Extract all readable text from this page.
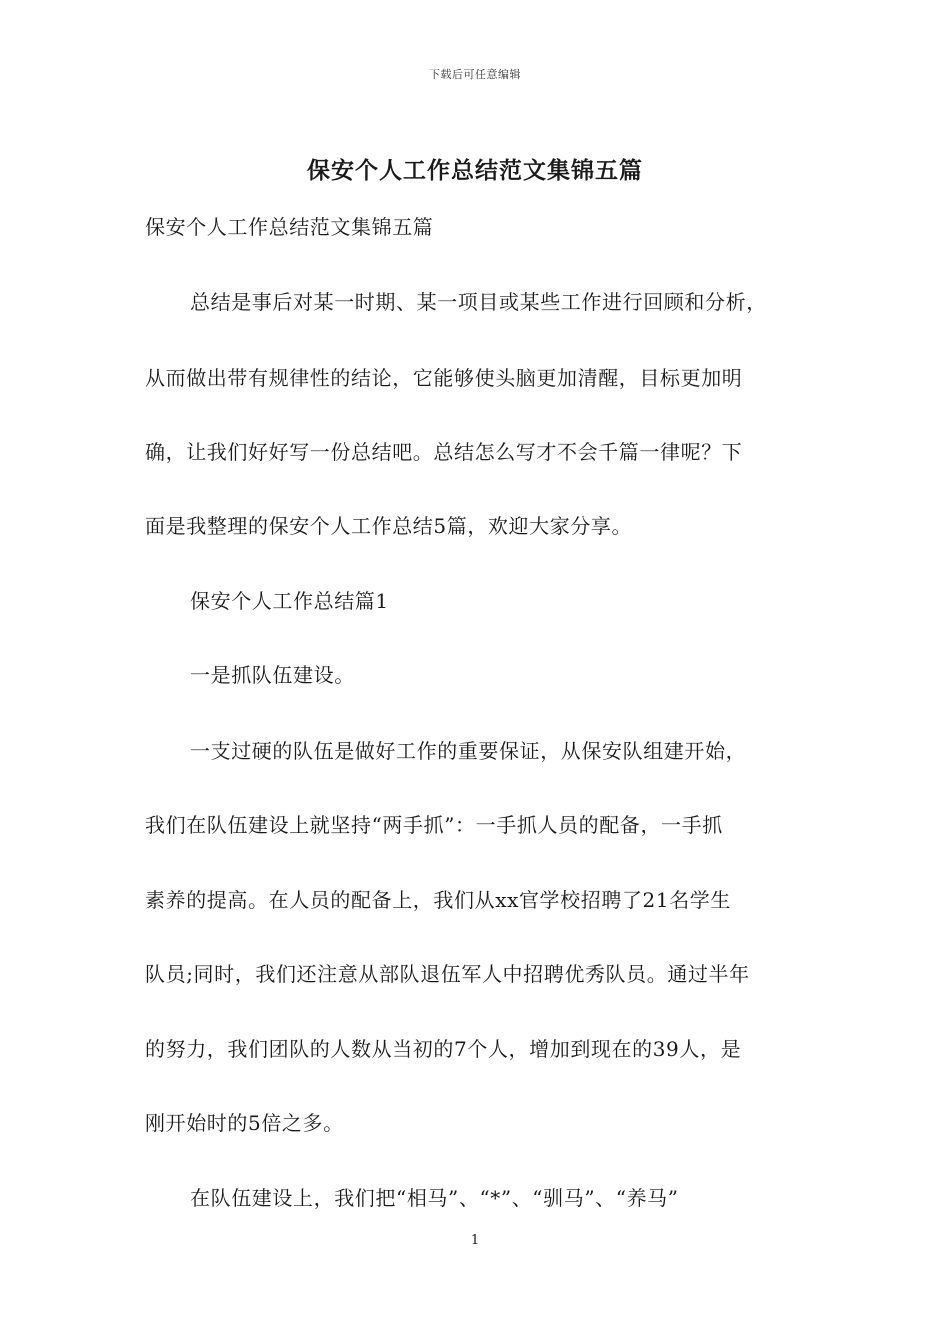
下载后可任意编辑
保安个人工作总结范文集锦五篇
保安个人工作总结范文集锦五篇
总结是事后对某一时期、某一项目或某些工作进行回顾和分析，
从而做出带有规律性的结论，它能够使头脑更加清醒，目标更加明
确，让我们好好写一份总结吧。总结怎么写才不会千篇一律呢？下
面是我整理的保安个人工作总结5篇，欢迎大家分享。
保安个人工作总结篇1
一是抓队伍建设。
一支过硬的队伍是做好工作的重要保证，从保安队组建开始，
我们在队伍建设上就坚持“两手抓”：一手抓人员的配备，一手抓
素养的提高。在人员的配备上，我们从xx官学校招聘了21名学生
队员;同时，我们还注意从部队退伍军人中招聘优秀队员。通过半年
的努力，我们团队的人数从当初的7个人，增加到现在的39人，是
刚开始时的5倍之多。
在队伍建设上，我们把“相马”、“*”、“驯马”、“养马”
1
